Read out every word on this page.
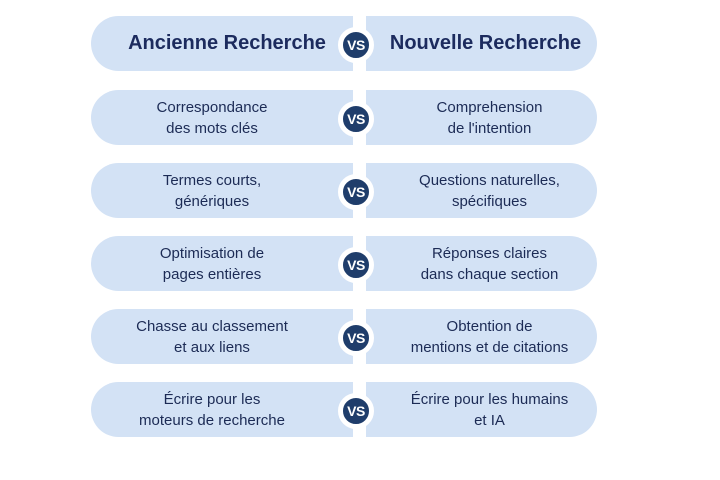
Ancienne Recherche	Nouvelle Recherche
VS
Correspondance
des mots clés
Comprehension
de l'intention
VS
Termes courts,
génériques
Questions naturelles,
spécifiques
VS
Optimisation de
pages entières
Réponses claires
dans chaque section
VS
Chasse au classement
et aux liens
Obtention de
mentions et de citations
VS
Écrire pour les
moteurs de recherche
Écrire pour les humains
et IA
VS
